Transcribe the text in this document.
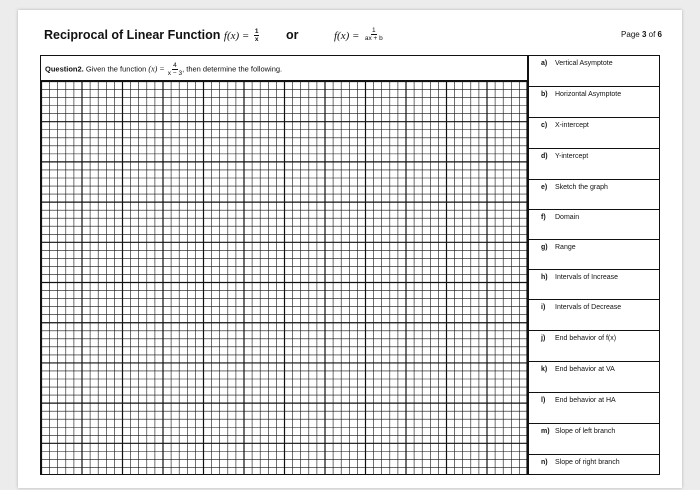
Reciprocal of Linear Function $f(x) = \frac{1}{x}$ or	$f(x) = \frac{1}{ax + b}$	Page 3 of 6
Question2. Given the function $(x) = \frac{4}{x - 3}$ , then determine the following.
a) Vertical Asymptote
b) Horizontal Asymptote
c) X-intercept
d) Y-intercept
e) Sketch the graph
f) Domain
g) Range
h) Intervals of Increase
i) Intervals of Decrease
j) End behavior of f(x)
k) End behavior at VA
l) End behavior at HA
m) Slope of left branch
n) Slope of right branch
